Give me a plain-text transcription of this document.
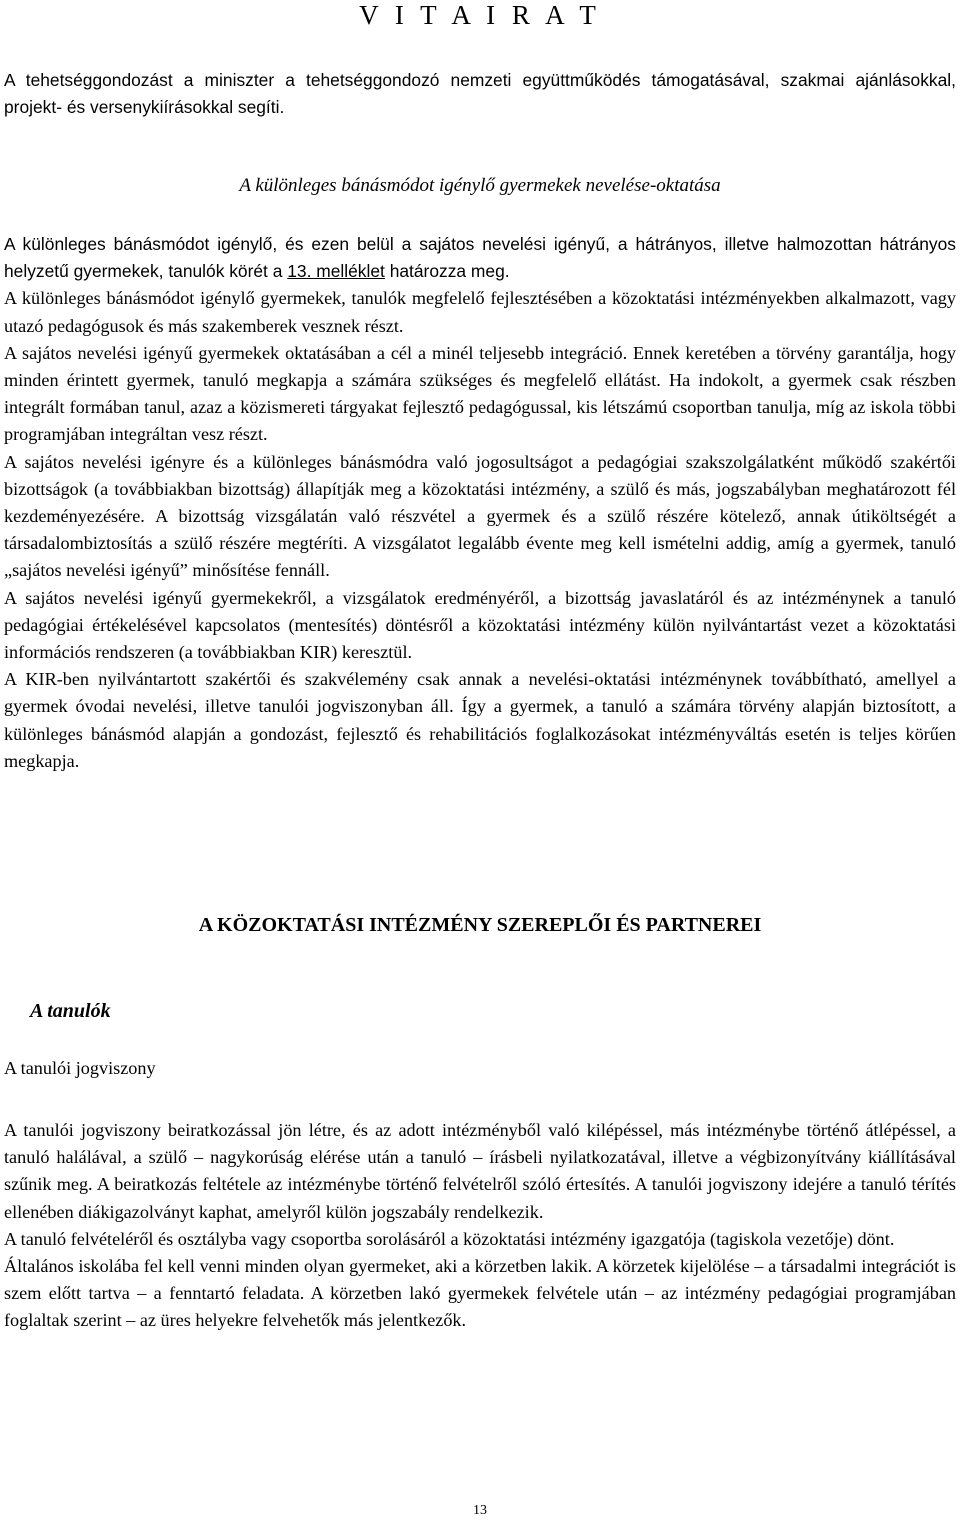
V I T A I R A T

A tehetséggondozást a miniszter a tehetséggondozó nemzeti együttműködés támogatásával, szakmai ajánlásokkal, projekt- és versenykiírásokkal segíti.

A különleges bánásmódot igénylő gyermekek nevelése-oktatása

A különleges bánásmódot igénylő, és ezen belül a sajátos nevelési igényű, a hátrányos, illetve halmozottan hátrányos helyzetű gyermekek, tanulók körét a 13. melléklet határozza meg.

A különleges bánásmódot igénylő gyermekek, tanulók megfelelő fejlesztésében a közoktatási intézményekben alkalmazott, vagy utazó pedagógusok és más szakemberek vesznek részt.

A sajátos nevelési igényű gyermekek oktatásában a cél a minél teljesebb integráció. Ennek keretében a törvény garantálja, hogy minden érintett gyermek, tanuló megkapja a számára szükséges és megfelelő ellátást. Ha indokolt, a gyermek csak részben integrált formában tanul, azaz a közismereti tárgyakat fejlesztő pedagógussal, kis létszámú csoportban tanulja, míg az iskola többi programjában integráltan vesz részt.

A sajátos nevelési igényre és a különleges bánásmódra való jogosultságot a pedagógiai szakszolgálatként működő szakértői bizottságok (a továbbiakban bizottság) állapítják meg a közoktatási intézmény, a szülő és más, jogszabályban meghatározott fél kezdeményezésére. A bizottság vizsgálatán való részvétel a gyermek és a szülő részére kötelező, annak útiköltségét a társadalombiztosítás a szülő részére megtéríti. A vizsgálatot legalább évente meg kell ismételni addig, amíg a gyermek, tanuló „sajátos nevelési igényű” minősítése fennáll.

A sajátos nevelési igényű gyermekekről, a vizsgálatok eredményéről, a bizottság javaslatáról és az intézménynek a tanuló pedagógiai értékelésével kapcsolatos (mentesítés) döntésről a közoktatási intézmény külön nyilvántartást vezet a közoktatási információs rendszeren (a továbbiakban KIR) keresztül.

A KIR-ben nyilvántartott szakértői és szakvélemény csak annak a nevelési-oktatási intézménynek továbbítható, amellyel a gyermek óvodai nevelési, illetve tanulói jogviszonyban áll. Így a gyermek, a tanuló a számára törvény alapján biztosított, a különleges bánásmód alapján a gondozást, fejlesztő és rehabilitációs foglalkozásokat intézményváltás esetén is teljes körűen megkapja.

A KÖZOKTATÁSI INTÉZMÉNY SZEREPLŐI ÉS PARTNEREI

A tanulók

A tanulói jogviszony

A tanulói jogviszony beiratkozással jön létre, és az adott intézményből való kilépéssel, más intézménybe történő átlépéssel, a tanuló halálával, a szülő – nagykorúság elérése után a tanuló – írásbeli nyilatkozatával, illetve a végbizonyítvány kiállításával szűnik meg. A beiratkozás feltétele az intézménybe történő felvételről szóló értesítés. A tanulói jogviszony idejére a tanuló térítés ellenében diákigazolványt kaphat, amelyről külön jogszabály rendelkezik.

A tanuló felvételéről és osztályba vagy csoportba sorolásáról a közoktatási intézmény igazgatója (tagiskola vezetője) dönt.

Általános iskolába fel kell venni minden olyan gyermeket, aki a körzetben lakik. A körzetek kijelölése – a társadalmi integrációt is szem előtt tartva – a fenntartó feladata. A körzetben lakó gyermekek felvétele után – az intézmény pedagógiai programjában foglaltak szerint – az üres helyekre felvehetők más jelentkezők.

13
